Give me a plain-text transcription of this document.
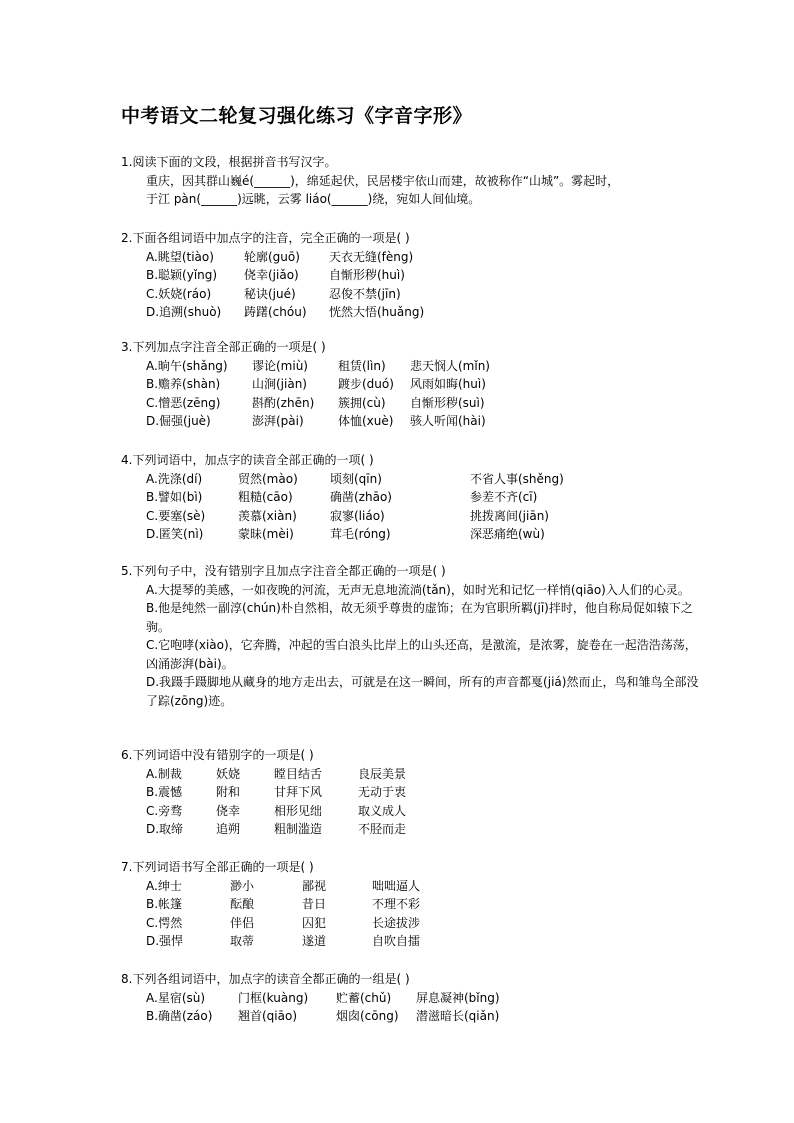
中考语文二轮复习强化练习《字音字形》
1.阅读下面的文段，根据拼音书写汉字。
重庆，因其群山巍é(______)，绵延起伏，民居楼宇依山而建，故被称作“山城”。雾起时，
于江 pàn(______)远眺，云雾 liáo(______)绕，宛如人间仙境。
2.下面各组词语中加点字的注音，完全正确的一项是( )
A.眺望(tiào)	轮廓(guō)	天衣无缝(fèng)
B.聪颖(yǐng)	侥幸(jiǎo)	自惭形秽(huì)
C.妖娆(ráo)	秘诀(jué)	忍俊不禁(jīn)
D.追溯(shuò)	踌躇(chóu)	恍然大悟(huǎng)
3.下列加点字注音全部正确的一项是( )
A.晌午(shǎng)	谬论(miù)	租赁(lìn)	悲天悯人(mǐn)
B.赡养(shàn)	山涧(jiàn)	踱步(duó)	风雨如晦(huì)
C.憎恶(zēng)	斟酌(zhēn)	簇拥(cù)	自惭形秽(suì)
D.倔强(juè)	澎湃(pài)	体恤(xuè)	骇人听闻(hài)
4.下列词语中，加点字的读音全部正确的一项( )
A.洗涤(dí)	贸然(mào)	顷刻(qīn)	不省人事(shěng)
B.譬如(bì)	粗糙(cāo)	确凿(zhāo)	参差不齐(cī)
C.要塞(sè)	羡慕(xiàn)	寂寥(liáo)	挑拨离间(jiān)
D.匿笑(nì)	蒙昧(mèi)	茸毛(róng)	深恶痛绝(wù)
5.下列句子中，没有错别字且加点字注音全都正确的一项是( )
A.大提琴的美感，一如夜晚的河流，无声无息地流淌(tǎn)，如时光和记忆一样悄(qiāo)入人们的心灵。
B.他是纯然一副淳(chún)朴自然相，故无须乎尊贵的虚饰；在为官职所羁(jī)拌时，他自称局促如辕下之驹。
C.它咆哮(xiào)，它奔腾，冲起的雪白浪头比岸上的山头还高，是激流，是浓雾，旋卷在一起浩浩荡荡，凶涌澎湃(bài)。
D.我蹑手蹑脚地从藏身的地方走出去，可就是在这一瞬间，所有的声音都戛(jiá)然而止，鸟和雏鸟全部没了踪(zōng)迹。
6.下列词语中没有错别字的一项是( )
A.制裁	妖娆	瞠目结舌	良辰美景
B.震憾	附和	甘拜下风	无动于衷
C.旁骛	侥幸	相形见绌	取义成人
D.取缔	追朔	粗制滥造	不胫而走
7.下列词语书写全部正确的一项是( )
A.绅士	渺小	鄙视	咄咄逼人
B.帐篷	酝酿	昔日	不理不彩
C.愕然	伴侣	囚犯	长途拔涉
D.强悍	取蒂	遂道	自吹自擂
8.下列各组词语中，加点字的读音全都正确的一组是( )
A.星宿(sù)	门框(kuàng)	贮蓄(chǔ)	屏息凝神(bǐng)
B.确凿(záo)	翘首(qiāo)	烟囱(cōng)	潜滋暗长(qiǎn)
